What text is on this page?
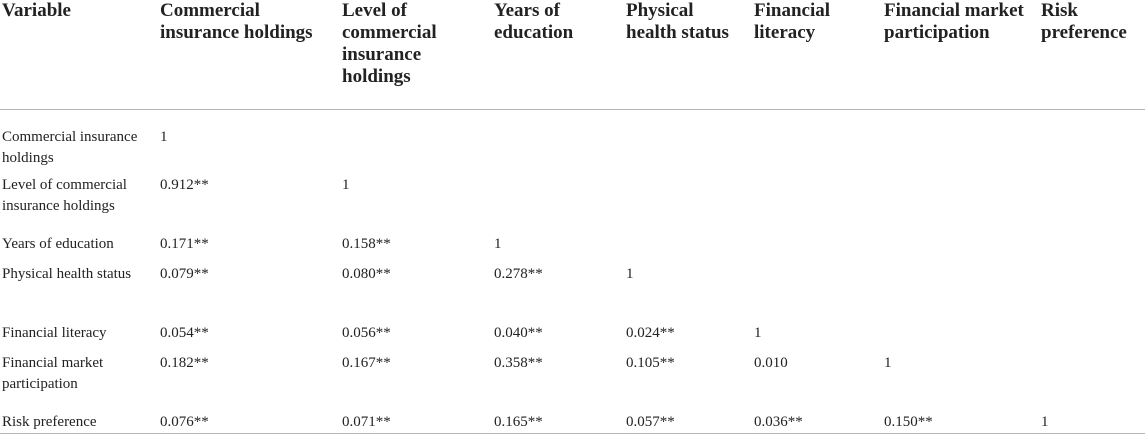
Variable	Commercial insurance holdings	Level of commercial insurance holdings	Years of education	Physical health status	Financial literacy	Financial market participation	Risk preference
Commercial insurance holdings	1						
Level of commercial insurance holdings	0.912**	1					
Years of education	0.171**	0.158**	1				
Physical health status	0.079**	0.080**	0.278**	1			
Financial literacy	0.054**	0.056**	0.040**	0.024**	1		
Financial market participation	0.182**	0.167**	0.358**	0.105**	0.010	1	
Risk preference	0.076**	0.071**	0.165**	0.057**	0.036**	0.150**	1
